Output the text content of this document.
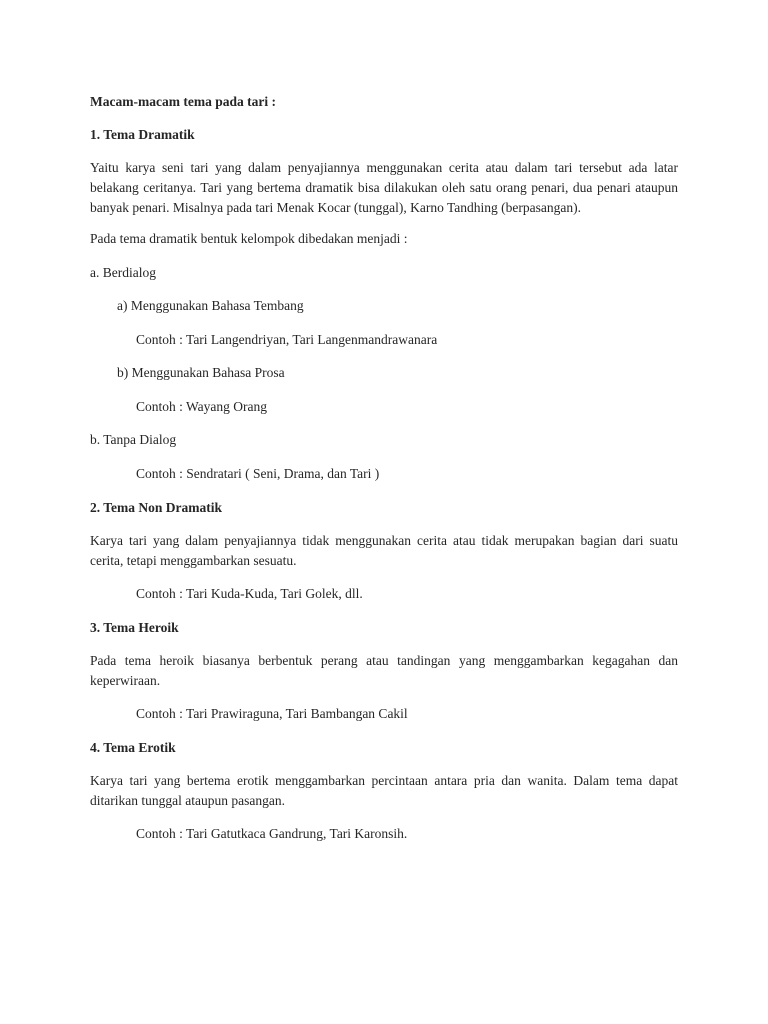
Macam-macam tema pada tari :

1. Tema Dramatik

Yaitu karya seni tari yang dalam penyajiannya menggunakan cerita atau dalam tari tersebut ada latar belakang ceritanya. Tari yang bertema dramatik bisa dilakukan oleh satu orang penari, dua penari ataupun banyak penari. Misalnya pada tari Menak Kocar (tunggal), Karno Tandhing (berpasangan).

Pada tema dramatik bentuk kelompok dibedakan menjadi :

a. Berdialog

a) Menggunakan Bahasa Tembang

Contoh : Tari Langendriyan, Tari Langenmandrawanara

b) Menggunakan Bahasa Prosa

Contoh : Wayang Orang

b. Tanpa Dialog

Contoh : Sendratari ( Seni, Drama, dan Tari )

2. Tema Non Dramatik

Karya tari yang dalam penyajiannya tidak menggunakan cerita atau tidak merupakan bagian dari suatu cerita, tetapi menggambarkan sesuatu.

Contoh : Tari Kuda-Kuda, Tari Golek, dll.

3. Tema Heroik

Pada tema heroik biasanya berbentuk perang atau tandingan yang menggambarkan kegagahan dan keperwiraan.

Contoh : Tari Prawiraguna, Tari Bambangan Cakil

4. Tema Erotik

Karya tari yang bertema erotik menggambarkan percintaan antara pria dan wanita. Dalam tema dapat ditarikan tunggal ataupun pasangan.

Contoh : Tari Gatutkaca Gandrung, Tari Karonsih.
